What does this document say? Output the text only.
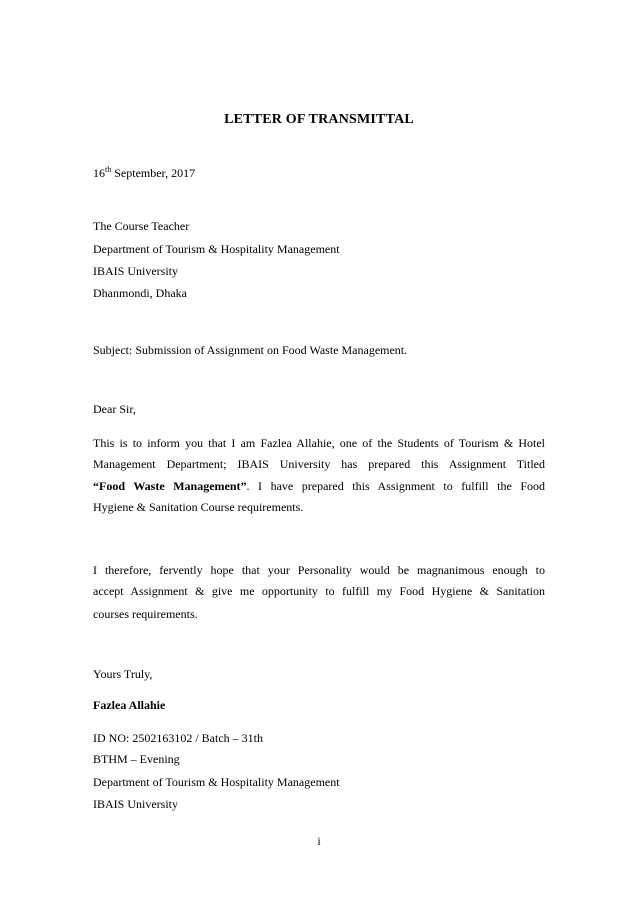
LETTER OF TRANSMITTAL
16th September, 2017
The Course Teacher
Department of Tourism & Hospitality Management
IBAIS University
Dhanmondi, Dhaka
Subject: Submission of Assignment on Food Waste Management.
Dear Sir,
This is to inform you that I am Fazlea Allahie, one of the Students of Tourism & Hotel
Management Department; IBAIS University has prepared this Assignment Titled
“Food Waste Management”. I have prepared this Assignment to fulfill the Food
Hygiene & Sanitation Course requirements.
I therefore, fervently hope that your Personality would be magnanimous enough to
accept Assignment & give me opportunity to fulfill my Food Hygiene & Sanitation
courses requirements.
Yours Truly,
Fazlea Allahie
ID NO: 2502163102 / Batch – 31th
BTHM – Evening
Department of Tourism & Hospitality Management
IBAIS University
i
